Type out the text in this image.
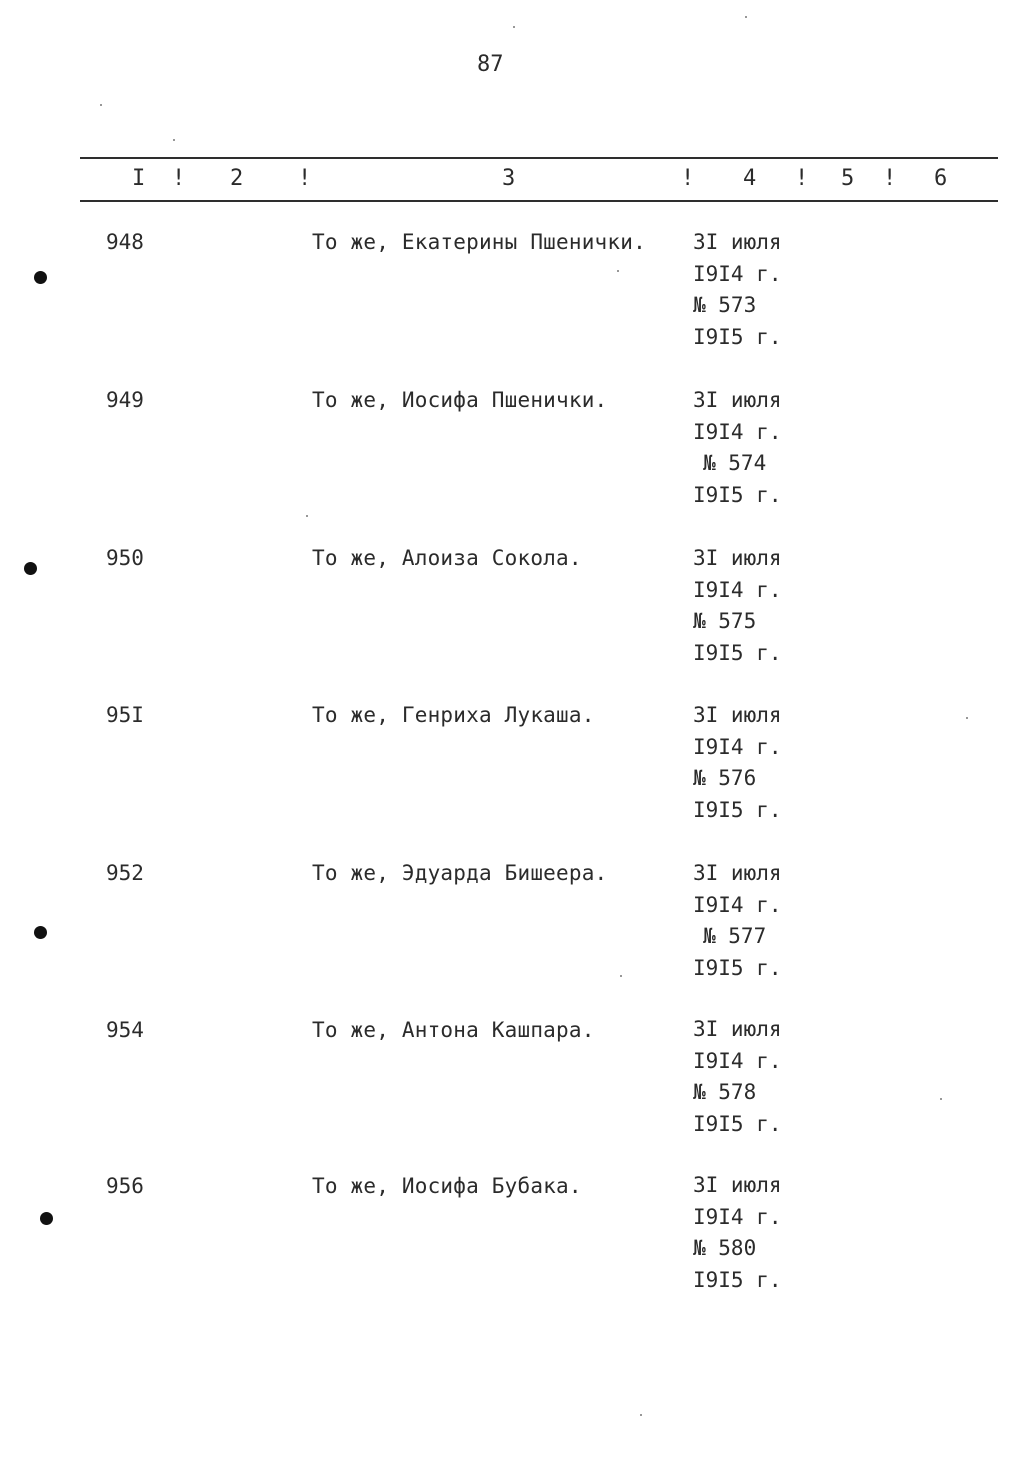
87
I ! 2 !	3	! 4 ! 5 ! 6
948	То же, Екатерины Пшенички. 3I июля
I9I4 г.
№ 573
I9I5 г.
949	То же, Иосифа Пшенички.	3I июля
I9I4 г.
№ 574
I9I5 г.
950	То же, Алоиза Сокола.	3I июля
I9I4 г.
№ 575
I9I5 г.
95I	То же, Генриха Лукаша.	3I июля
I9I4 г.
№ 576
I9I5 г.
952	То же, Эдуарда Бишеера.	3I июля
I9I4 г.
№ 577
I9I5 г.
954	То же, Антона Кашпара.	3I июля
I9I4 г.
№ 578
I9I5 г.
956	То же, Иосифа Бубака.	3I июля
I9I4 г.
№ 580
I9I5 г.
